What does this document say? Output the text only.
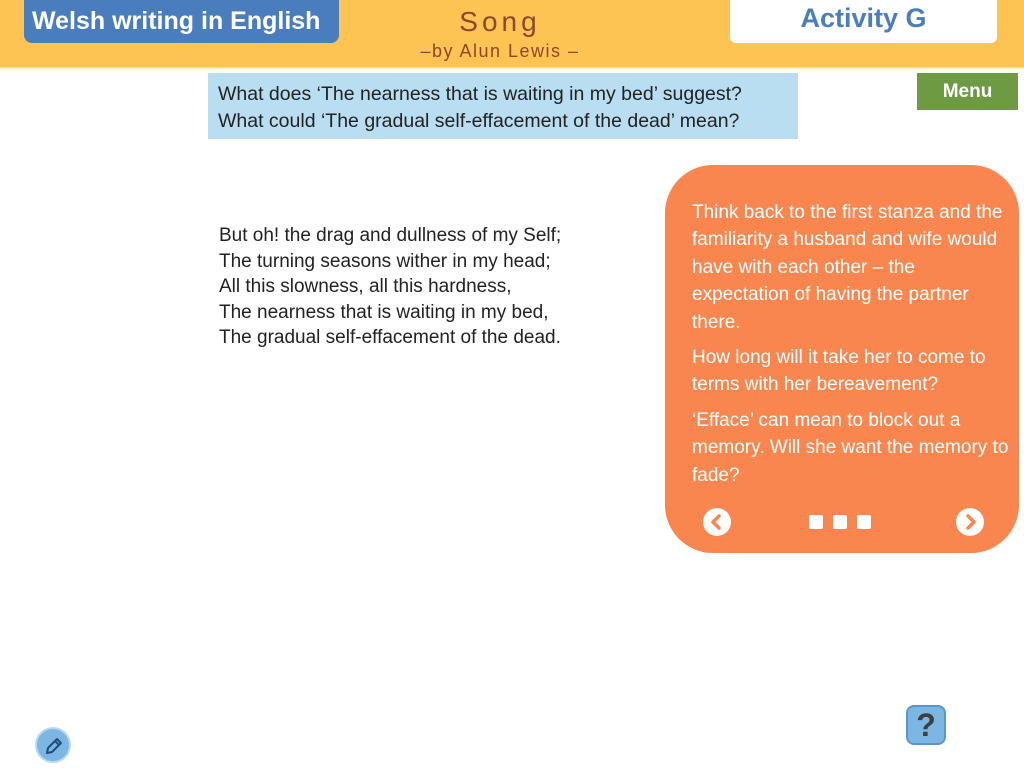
Welsh writing in English	Song
–by Alun Lewis –
Activity G
What does ‘The nearness that is waiting in my bed’ suggest?
What could ‘The gradual self-effacement of the dead’ mean?
Menu
But oh! the drag and dullness of my Self;
The turning seasons wither in my head;
All this slowness, all this hardness,
The nearness that is waiting in my bed,
The gradual self-effacement of the dead.

Think back to the first stanza and the familiarity a husband and wife would have with each other – the expectation of having the partner there.

How long will it take her to come to terms with her bereavement?

‘Efface’ can mean to block out a memory. Will she want the memory to fade?

?
